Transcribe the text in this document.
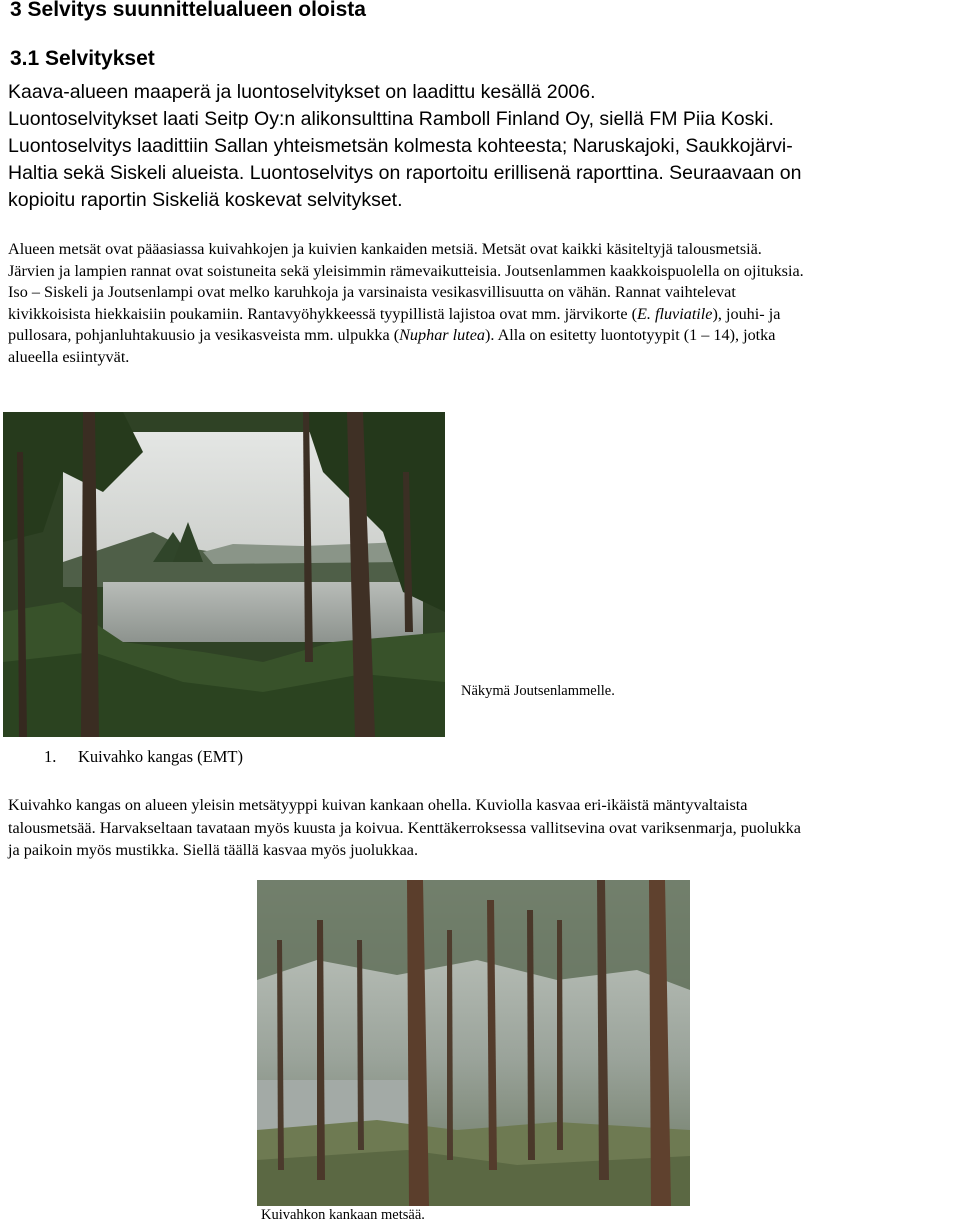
3 Selvitys suunnittelualueen oloista
3.1 Selvitykset
Kaava-alueen maaperä ja luontoselvitykset on laadittu kesällä 2006.
Luontoselvitykset laati Seitp Oy:n alikonsulttina Ramboll Finland Oy, siellä FM Piia Koski.
Luontoselvitys laadittiin Sallan yhteismetsän kolmesta kohteesta; Naruskajoki, Saukkojärvi-
Haltia sekä Siskeli alueista. Luontoselvitys on raportoitu erillisenä raporttina. Seuraavaan on
kopioitu raportin Siskeliä koskevat selvitykset.
Alueen metsät ovat pääasiassa kuivahkojen ja kuivien kankaiden metsiä. Metsät ovat kaikki käsiteltyjä talousmetsiä.
Järvien ja lampien rannat ovat soistuneita sekä yleisimmin rämevaikutteisia. Joutsenlammen kaakkoispuolella on ojituksia.
Iso – Siskeli ja Joutsenlampi ovat melko karuhkoja ja varsinaista vesikasvillisuutta on vähän. Rannat vaihtelevat
kivikkoisista hiekkaisiin poukamiin. Rantavyöhykkeessä tyypillistä lajistoa ovat mm. järvikorte (E. fluviatile), jouhi- ja
pullosara, pohjanluhtakuusio ja vesikasveista mm. ulpukka (Nuphar lutea). Alla on esitetty luontotyypit (1 – 14), jotka
alueella esiintyvät.
Näkymä Joutsenlammelle.
1. Kuivahko kangas (EMT)
Kuivahko kangas on alueen yleisin metsätyyppi kuivan kankaan ohella. Kuviolla kasvaa eri-ikäistä mäntyvaltaista
talousmetsää. Harvakseltaan tavataan myös kuusta ja koivua. Kenttäkerroksessa vallitsevina ovat variksenmarja, puolukka
ja paikoin myös mustikka. Siellä täällä kasvaa myös juolukkaa.
Kuivahkon kankaan metsää.
